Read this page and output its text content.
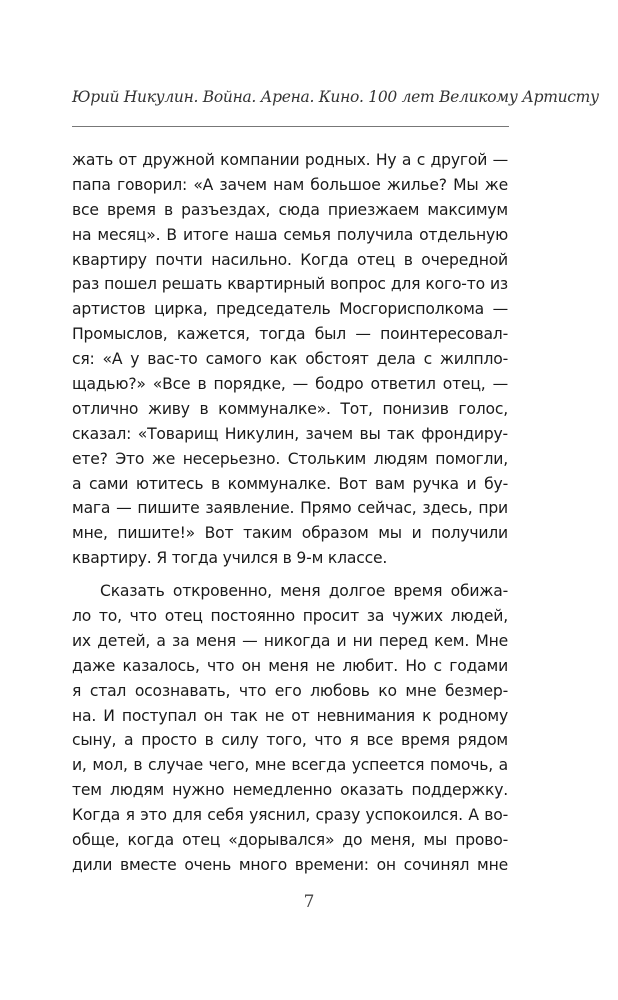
Юрий Никулин. Война. Арена. Кино. 100 лет Великому Артисту
жать от дружной компании родных. Ну а с другой —
папа говорил: «А зачем нам большое жилье? Мы же
все время в разъездах, сюда приезжаем максимум
на месяц». В итоге наша семья получила отдельную
квартиру почти насильно. Когда отец в очередной
раз пошел решать квартирный вопрос для кого-то из
артистов цирка, председатель Мосгорисполкома —
Промыслов, кажется, тогда был — поинтересовал-
ся: «А у вас-то самого как обстоят дела с жилпло-
щадью?» «Все в порядке, — бодро ответил отец, —
отлично живу в коммуналке». Тот, понизив голос,
сказал: «Товарищ Никулин, зачем вы так фрондиру-
ете? Это же несерьезно. Стольким людям помогли,
а сами ютитесь в коммуналке. Вот вам ручка и бу-
мага — пишите заявление. Прямо сейчас, здесь, при
мне, пишите!» Вот таким образом мы и получили
квартиру. Я тогда учился в 9-м классе.
Сказать откровенно, меня долгое время обижа-
ло то, что отец постоянно просит за чужих людей,
их детей, а за меня — никогда и ни перед кем. Мне
даже казалось, что он меня не любит. Но с годами
я стал осознавать, что его любовь ко мне безмер-
на. И поступал он так не от невнимания к родному
сыну, а просто в силу того, что я все время рядом
и, мол, в случае чего, мне всегда успеется помочь, а
тем людям нужно немедленно оказать поддержку.
Когда я это для себя уяснил, сразу успокоился. А во-
обще, когда отец «дорывался» до меня, мы прово-
дили вместе очень много времени: он сочинял мне
7
